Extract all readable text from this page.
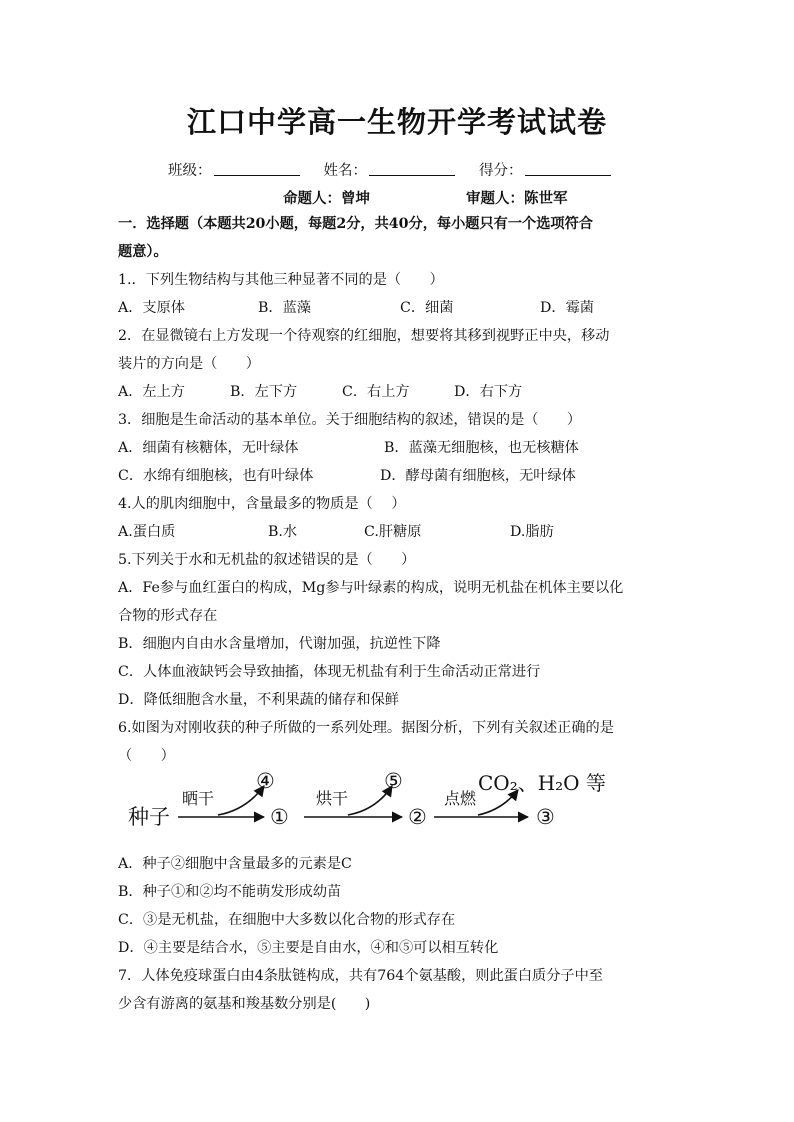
江口中学高一生物开学考试试卷
班级：	姓名：	得分：
命题人：曾坤	审题人：陈世军
一．选择题（本题共20小题，每题2分，共40分，每小题只有一个选项符合
题意）。
1.．下列生物结构与其他三种显著不同的是（　　）
A．支原体	B．蓝藻	C．细菌	D．霉菌
2．在显微镜右上方发现一个待观察的红细胞，想要将其移到视野正中央，移动
装片的方向是（　　）
A．左上方	B．左下方	C．右上方	D．右下方
3．细胞是生命活动的基本单位。关于细胞结构的叙述，错误的是（　　）
A．细菌有核糖体，无叶绿体	B．蓝藻无细胞核，也无核糖体
C．水绵有细胞核，也有叶绿体	D．酵母菌有细胞核，无叶绿体
4.人的肌肉细胞中，含量最多的物质是（　 ）
A.蛋白质	B.水	C.肝糖原	D.脂肪
5.下列关于水和无机盐的叙述错误的是（　　）
A．Fe参与血红蛋白的构成，Mg参与叶绿素的构成，说明无机盐在机体主要以化
合物的形式存在
B．细胞内自由水含量增加，代谢加强，抗逆性下降
C．人体血液缺钙会导致抽搐，体现无机盐有利于生命活动正常进行
D．降低细胞含水量，不利果蔬的储存和保鲜
6.如图为对刚收获的种子所做的一系列处理。据图分析，下列有关叙述正确的是
（　　）
种子
晒干	烘干	点燃
①	②	③
④	⑤	CO₂、H₂O 等
A．种子②细胞中含量最多的元素是C
B．种子①和②均不能萌发形成幼苗
C．③是无机盐，在细胞中大多数以化合物的形式存在
D．④主要是结合水，⑤主要是自由水，④和⑤可以相互转化
7．人体免疫球蛋白由4条肽链构成，共有764个氨基酸，则此蛋白质分子中至
少含有游离的氨基和羧基数分别是(　　)
